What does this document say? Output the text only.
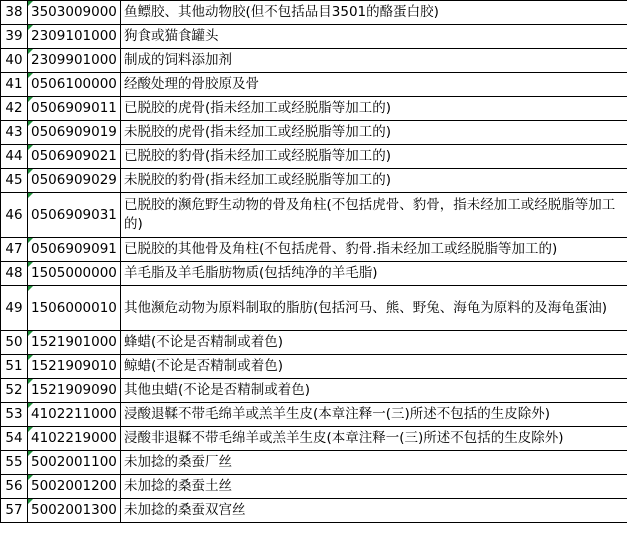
38	3503009000	鱼鳔胶、其他动物胶(但不包括品目3501的酪蛋白胶)
39	2309101000	狗食或猫食罐头
40	2309901000	制成的饲料添加剂
41	0506100000	经酸处理的骨胶原及骨
42	0506909011	已脱胶的虎骨(指未经加工或经脱脂等加工的)
43	0506909019	未脱胶的虎骨(指未经加工或经脱脂等加工的)
44	0506909021	已脱胶的豹骨(指未经加工或经脱脂等加工的)
45	0506909029	未脱胶的豹骨(指未经加工或经脱脂等加工的)
46	0506909031	已脱胶的濒危野生动物的骨及角柱(不包括虎骨、豹骨，指未经加工或经脱脂等加工的)
47	0506909091	已脱胶的其他骨及角柱(不包括虎骨、豹骨.指未经加工或经脱脂等加工的)
48	1505000000	羊毛脂及羊毛脂肪物质(包括纯净的羊毛脂)
49	1506000010	其他濒危动物为原料制取的脂肪(包括河马、熊、野兔、海龟为原料的及海龟蛋油)
50	1521901000	蜂蜡(不论是否精制或着色)
51	1521909010	鲸蜡(不论是否精制或着色)
52	1521909090	其他虫蜡(不论是否精制或着色)
53	4102211000	浸酸退鞣不带毛绵羊或羔羊生皮(本章注释一(三)所述不包括的生皮除外)
54	4102219000	浸酸非退鞣不带毛绵羊或羔羊生皮(本章注释一(三)所述不包括的生皮除外)
55	5002001100	未加捻的桑蚕厂丝
56	5002001200	未加捻的桑蚕土丝
57	5002001300	未加捻的桑蚕双宫丝
